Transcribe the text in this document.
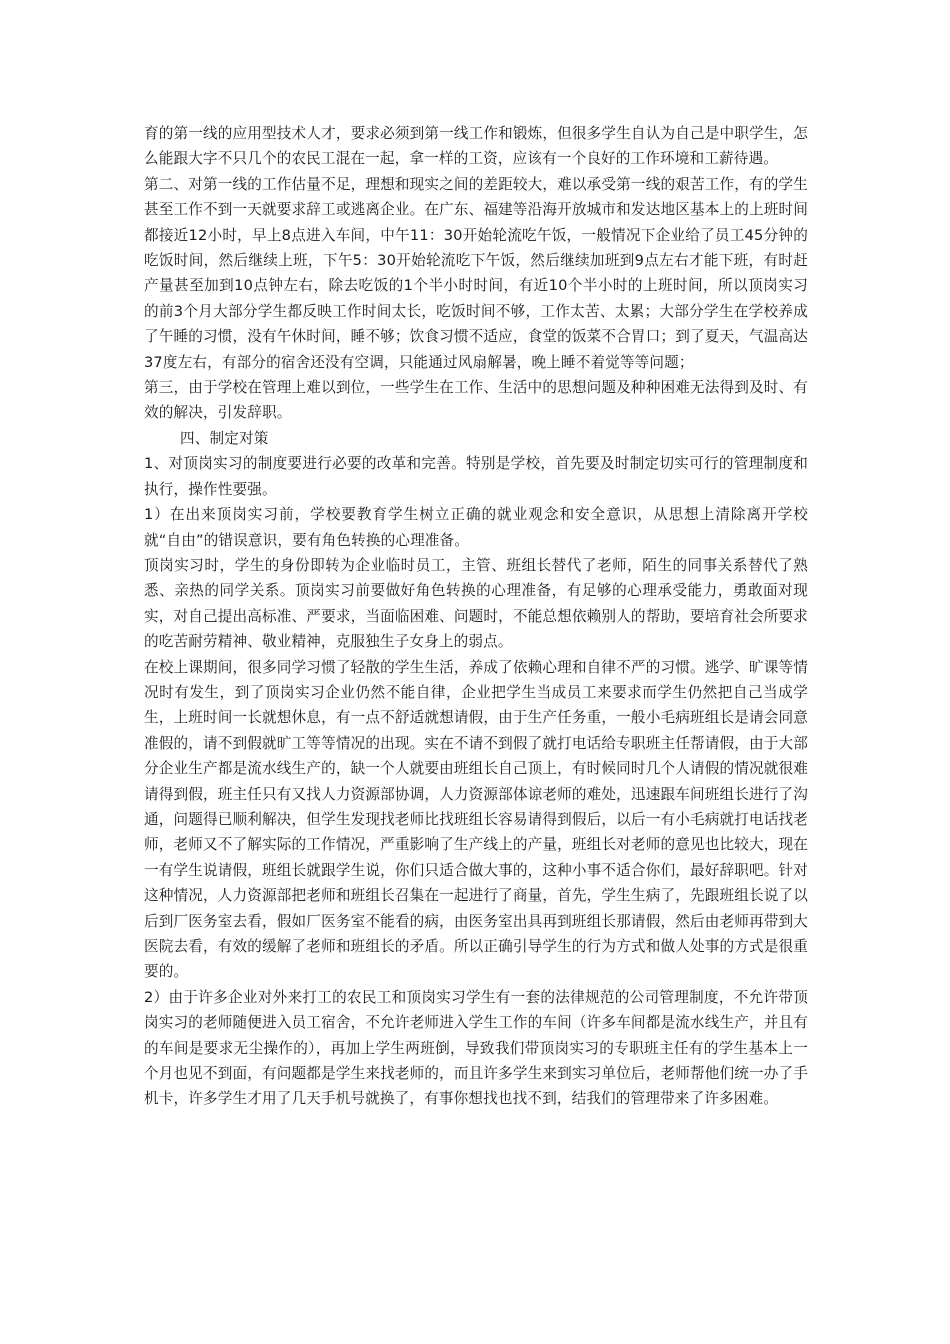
育的第一线的应用型技术人才，要求必须到第一线工作和锻炼，但很多学生自认为自己是中职学生，怎么能跟大字不只几个的农民工混在一起，拿一样的工资，应该有一个良好的工作环境和工薪待遇。

第二、对第一线的工作估量不足，理想和现实之间的差距较大，难以承受第一线的艰苦工作，有的学生甚至工作不到一天就要求辞工或逃离企业。在广东、福建等沿海开放城市和发达地区基本上的上班时间都接近12小时，早上8点进入车间，中午11：30开始轮流吃午饭，一般情况下企业给了员工45分钟的吃饭时间，然后继续上班，下午5：30开始轮流吃下午饭，然后继续加班到9点左右才能下班，有时赶产量甚至加到10点钟左右，除去吃饭的1个半小时时间，有近10个半小时的上班时间，所以顶岗实习的前3个月大部分学生都反映工作时间太长，吃饭时间不够，工作太苦、太累；大部分学生在学校养成了午睡的习惯，没有午休时间，睡不够；饮食习惯不适应，食堂的饭菜不合胃口；到了夏天，气温高达37度左右，有部分的宿舍还没有空调，只能通过风扇解暑，晚上睡不着觉等等问题；

第三，由于学校在管理上难以到位，一些学生在工作、生活中的思想问题及种种困难无法得到及时、有效的解决，引发辞职。

四、制定对策

1、对顶岗实习的制度要进行必要的改革和完善。特别是学校，首先要及时制定切实可行的管理制度和执行，操作性要强。

1）在出来顶岗实习前，学校要教育学生树立正确的就业观念和安全意识，从思想上清除离开学校就“自由”的错误意识，要有角色转换的心理准备。

顶岗实习时，学生的身份即转为企业临时员工，主管、班组长替代了老师，陌生的同事关系替代了熟悉、亲热的同学关系。顶岗实习前要做好角色转换的心理准备，有足够的心理承受能力，勇敢面对现实，对自己提出高标准、严要求，当面临困难、问题时，不能总想依赖别人的帮助，要培育社会所要求的吃苦耐劳精神、敬业精神，克服独生子女身上的弱点。

在校上课期间，很多同学习惯了轻散的学生生活，养成了依赖心理和自律不严的习惯。逃学、旷课等情况时有发生，到了顶岗实习企业仍然不能自律，企业把学生当成员工来要求而学生仍然把自己当成学生，上班时间一长就想休息，有一点不舒适就想请假，由于生产任务重，一般小毛病班组长是请会同意准假的，请不到假就旷工等等情况的出现。实在不请不到假了就打电话给专职班主任帮请假，由于大部分企业生产都是流水线生产的，缺一个人就要由班组长自己顶上，有时候同时几个人请假的情况就很难请得到假，班主任只有又找人力资源部协调，人力资源部体谅老师的难处，迅速跟车间班组长进行了沟通，问题得已顺利解决，但学生发现找老师比找班组长容易请得到假后，以后一有小毛病就打电话找老师，老师又不了解实际的工作情况，严重影响了生产线上的产量，班组长对老师的意见也比较大，现在一有学生说请假，班组长就跟学生说，你们只适合做大事的，这种小事不适合你们，最好辞职吧。针对这种情况，人力资源部把老师和班组长召集在一起进行了商量，首先，学生生病了，先跟班组长说了以后到厂医务室去看，假如厂医务室不能看的病，由医务室出具再到班组长那请假，然后由老师再带到大医院去看，有效的缓解了老师和班组长的矛盾。所以正确引导学生的行为方式和做人处事的方式是很重要的。

2）由于许多企业对外来打工的农民工和顶岗实习学生有一套的法律规范的公司管理制度，不允许带顶岗实习的老师随便进入员工宿舍，不允许老师进入学生工作的车间（许多车间都是流水线生产，并且有的车间是要求无尘操作的），再加上学生两班倒，导致我们带顶岗实习的专职班主任有的学生基本上一个月也见不到面，有问题都是学生来找老师的，而且许多学生来到实习单位后，老师帮他们统一办了手机卡，许多学生才用了几天手机号就换了，有事你想找也找不到，结我们的管理带来了许多困难。
